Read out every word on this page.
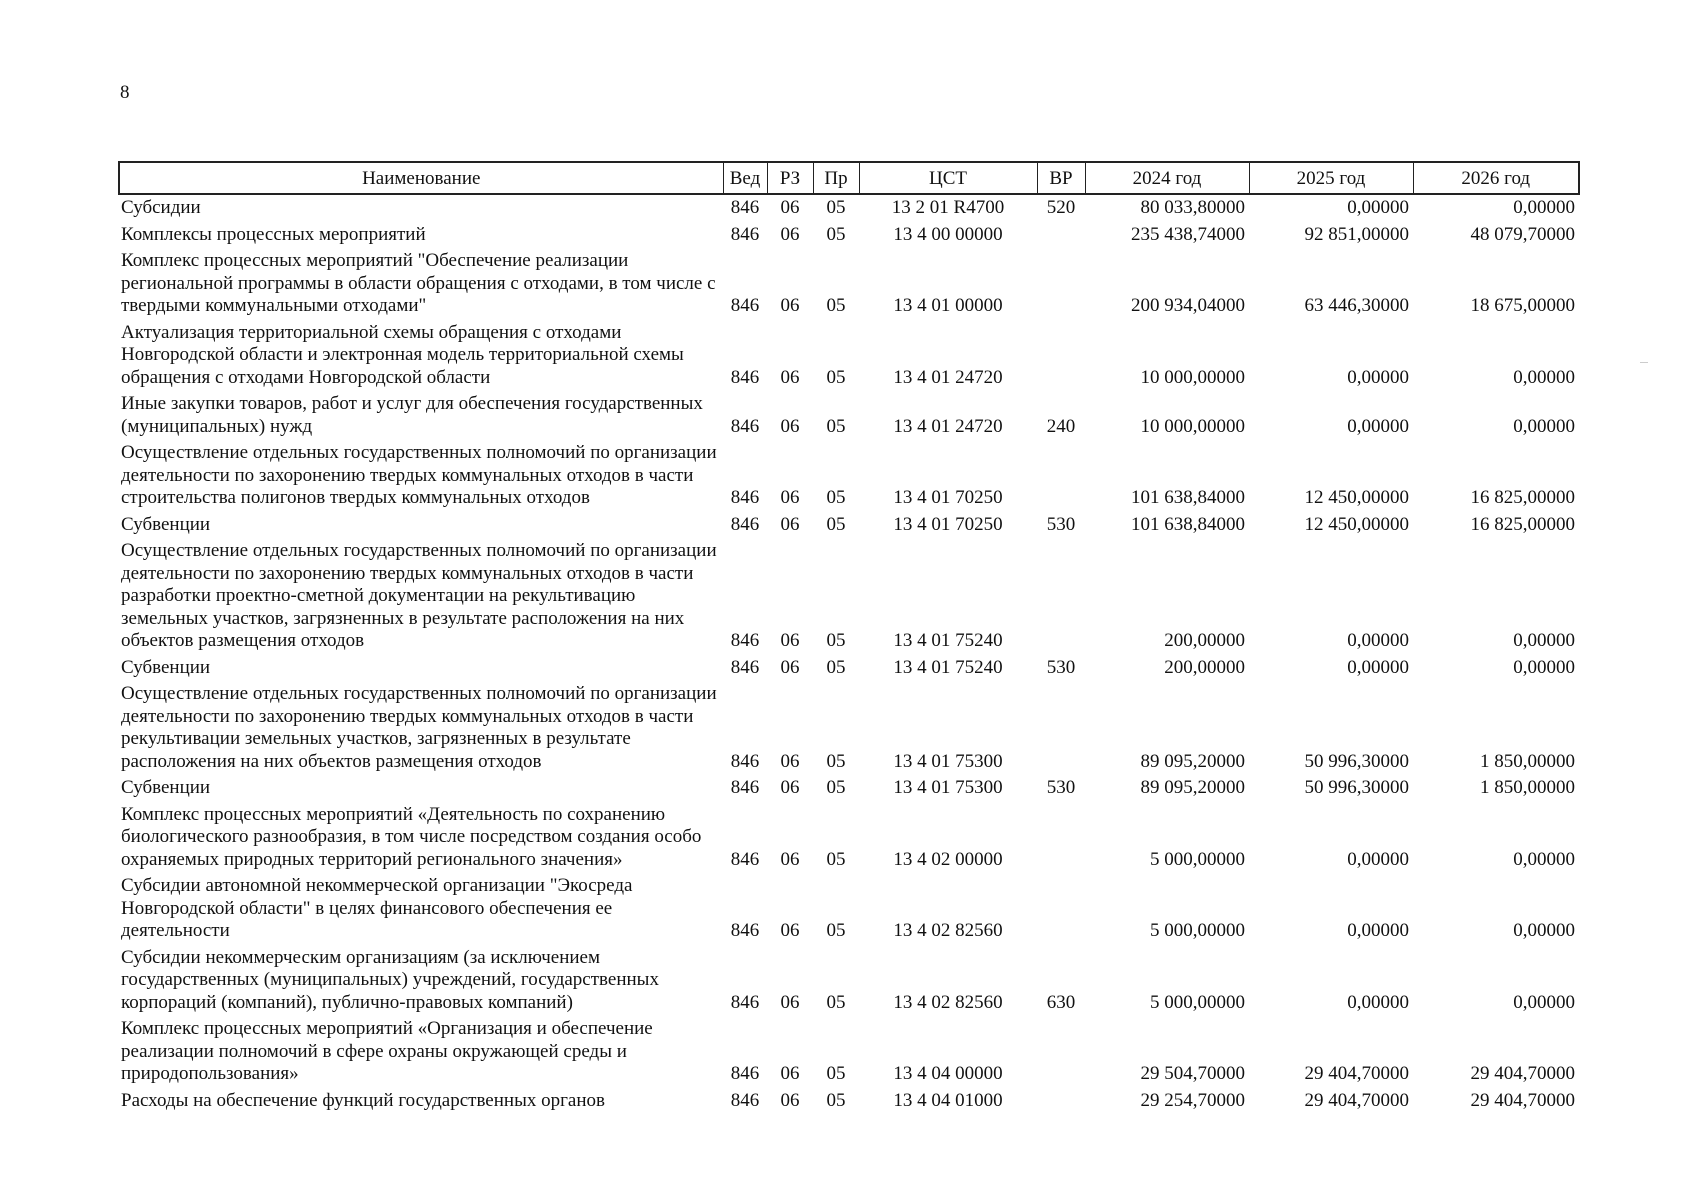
8
Наименование	Вед	РЗ	Пр	ЦСТ	ВР	2024 год	2025 год	2026 год
Субсидии	846	06	05	13 2 01 R4700	520	80 033,80000	0,00000	0,00000
Комплексы процессных мероприятий	846	06	05	13 4 00 00000		235 438,74000	92 851,00000	48 079,70000
Комплекс процессных мероприятий "Обеспечение реализации региональной программы в области обращения с отходами, в том числе с твердыми коммунальными отходами"	846	06	05	13 4 01 00000		200 934,04000	63 446,30000	18 675,00000
Актуализация территориальной схемы обращения с отходами Новгородской области и электронная модель территориальной схемы обращения с отходами Новгородской области	846	06	05	13 4 01 24720		10 000,00000	0,00000	0,00000
Иные закупки товаров, работ и услуг для обеспечения государственных (муниципальных) нужд	846	06	05	13 4 01 24720	240	10 000,00000	0,00000	0,00000
Осуществление отдельных государственных полномочий по организации деятельности по захоронению твердых коммунальных отходов в части строительства полигонов твердых коммунальных отходов	846	06	05	13 4 01 70250		101 638,84000	12 450,00000	16 825,00000
Субвенции	846	06	05	13 4 01 70250	530	101 638,84000	12 450,00000	16 825,00000
Осуществление отдельных государственных полномочий по организации деятельности по захоронению твердых коммунальных отходов в части разработки проектно-сметной документации на рекультивацию земельных участков, загрязненных в результате расположения на них объектов размещения отходов	846	06	05	13 4 01 75240		200,00000	0,00000	0,00000
Субвенции	846	06	05	13 4 01 75240	530	200,00000	0,00000	0,00000
Осуществление отдельных государственных полномочий по организации деятельности по захоронению твердых коммунальных отходов в части рекультивации земельных участков, загрязненных в результате расположения на них объектов размещения отходов	846	06	05	13 4 01 75300		89 095,20000	50 996,30000	1 850,00000
Субвенции	846	06	05	13 4 01 75300	530	89 095,20000	50 996,30000	1 850,00000
Комплекс процессных мероприятий «Деятельность по сохранению биологического разнообразия, в том числе посредством создания особо охраняемых природных территорий регионального значения»	846	06	05	13 4 02 00000		5 000,00000	0,00000	0,00000
Субсидии автономной некоммерческой организации "Экосреда Новгородской области" в целях финансового обеспечения ее деятельности	846	06	05	13 4 02 82560		5 000,00000	0,00000	0,00000
Субсидии некоммерческим организациям (за исключением государственных (муниципальных) учреждений, государственных корпораций (компаний), публично-правовых компаний)	846	06	05	13 4 02 82560	630	5 000,00000	0,00000	0,00000
Комплекс процессных мероприятий «Организация и обеспечение реализации полномочий в сфере охраны окружающей среды и природопользования»	846	06	05	13 4 04 00000		29 504,70000	29 404,70000	29 404,70000
Расходы на обеспечение функций государственных органов	846	06	05	13 4 04 01000		29 254,70000	29 404,70000	29 404,70000
